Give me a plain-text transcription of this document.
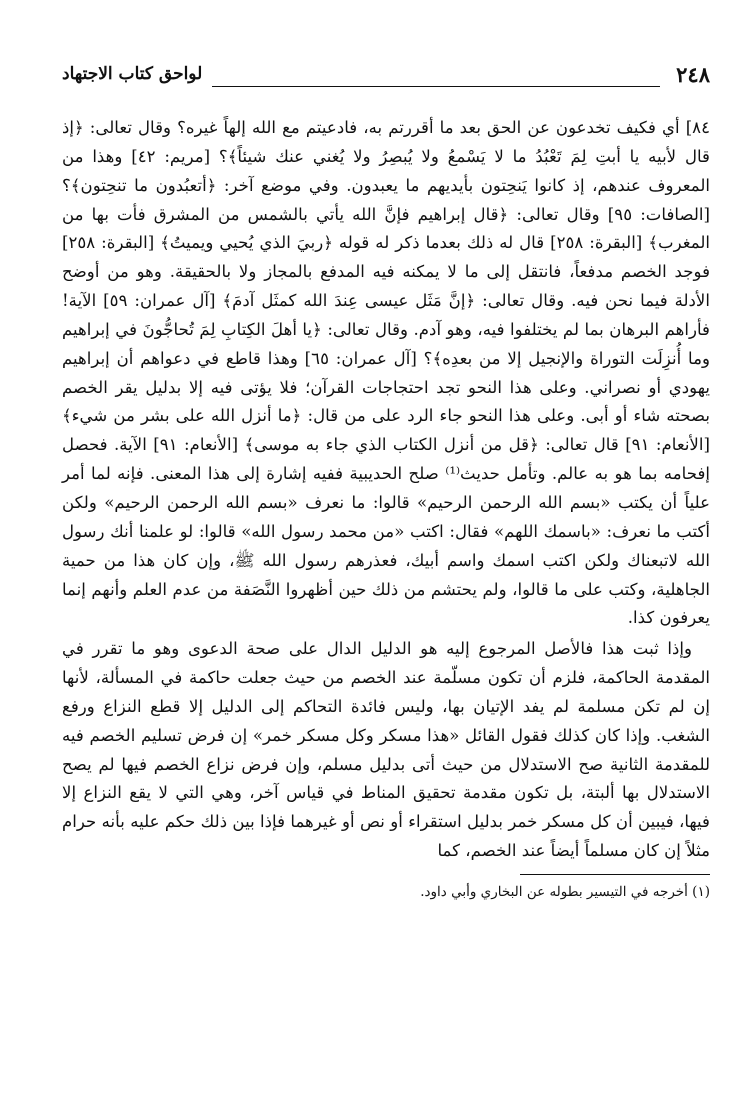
٢٤٨
لواحق كتاب الاجتهاد

٨٤] أي فكيف تخدعون عن الحق بعد ما أقررتم به، فادعيتم مع الله إلهاً غيره؟ وقال تعالى: ﴿إذ قال لأبيه يا أبتِ لِمَ تَعْبُدُ ما لا يَسْمعُ ولا يُبصِرُ ولا يُغني عنك شيئاً﴾؟ [مريم: ٤٢] وهذا من المعروف عندهم، إذ كانوا يَنحِتون بأيديهم ما يعبدون. وفي موضع آخر: ﴿أتعبُدون ما تنحِتون﴾؟ [الصافات: ٩٥] وقال تعالى: ﴿قال إبراهيم فإنَّ الله يأتي بالشمس من المشرق فأت بها من المغرب﴾ [البقرة: ٢٥٨] قال له ذلك بعدما ذكر له قوله ﴿ربيَ الذي يُحيي ويميتُ﴾ [البقرة: ٢٥٨] فوجد الخصم مدفعاً، فانتقل إلى ما لا يمكنه فيه المدفع بالمجاز ولا بالحقيقة. وهو من أوضح الأدلة فيما نحن فيه. وقال تعالى: ﴿إنَّ مَثَل عيسى عِندَ الله كمثَل آدمَ﴾ [آل عمران: ٥٩] الآية! فأراهم البرهان بما لم يختلفوا فيه، وهو آدم. وقال تعالى: ﴿يا أهلَ الكِتابِ لِمَ تُحاجُّونَ في إبراهيم وما أُنزِلَت التوراة والإنجيل إلا من بعدِه﴾؟ [آل عمران: ٦٥] وهذا قاطع في دعواهم أن إبراهيم يهودي أو نصراني. وعلى هذا النحو تجد احتجاجات القرآن؛ فلا يؤتى فيه إلا بدليل يقر الخصم بصحته شاء أو أبى. وعلى هذا النحو جاء الرد على من قال: ﴿ما أنزل الله على بشر من شيء﴾ [الأنعام: ٩١] قال تعالى: ﴿قل من أنزل الكتاب الذي جاء به موسى﴾ [الأنعام: ٩١] الآية. فحصل إفحامه بما هو به عالم. وتأمل حديث⁽¹⁾ صلح الحديبية ففيه إشارة إلى هذا المعنى. فإنه لما أمر علياً أن يكتب «بسم الله الرحمن الرحيم» قالوا: ما نعرف «بسم الله الرحمن الرحيم» ولكن أكتب ما نعرف: «باسمك اللهم» فقال: اكتب «من محمد رسول الله» قالوا: لو علمنا أنك رسول الله لاتبعناك ولكن اكتب اسمك واسم أبيك، فعذرهم رسول الله ﷺ، وإن كان هذا من حمية الجاهلية، وكتب على ما قالوا، ولم يحتشم من ذلك حين أظهروا النَّصَفة من عدم العلم وأنهم إنما يعرفون كذا.

وإذا ثبت هذا فالأصل المرجوع إليه هو الدليل الدال على صحة الدعوى وهو ما تقرر في المقدمة الحاكمة، فلزم أن تكون مسلّمة عند الخصم من حيث جعلت حاكمة في المسألة، لأنها إن لم تكن مسلمة لم يفد الإتيان بها، وليس فائدة التحاكم إلى الدليل إلا قطع النزاع ورفع الشغب. وإذا كان كذلك فقول القائل «هذا مسكر وكل مسكر خمر» إن فرض تسليم الخصم فيه للمقدمة الثانية صح الاستدلال من حيث أتى بدليل مسلم، وإن فرض نزاع الخصم فيها لم يصح الاستدلال بها ألبتة، بل تكون مقدمة تحقيق المناط في قياس آخر، وهي التي لا يقع النزاع إلا فيها، فيبين أن كل مسكر خمر بدليل استقراء أو نص أو غيرهما فإذا بين ذلك حكم عليه بأنه حرام مثلاً إن كان مسلماً أيضاً عند الخصم، كما

(١) أخرجه في التيسير بطوله عن البخاري وأبي داود.
